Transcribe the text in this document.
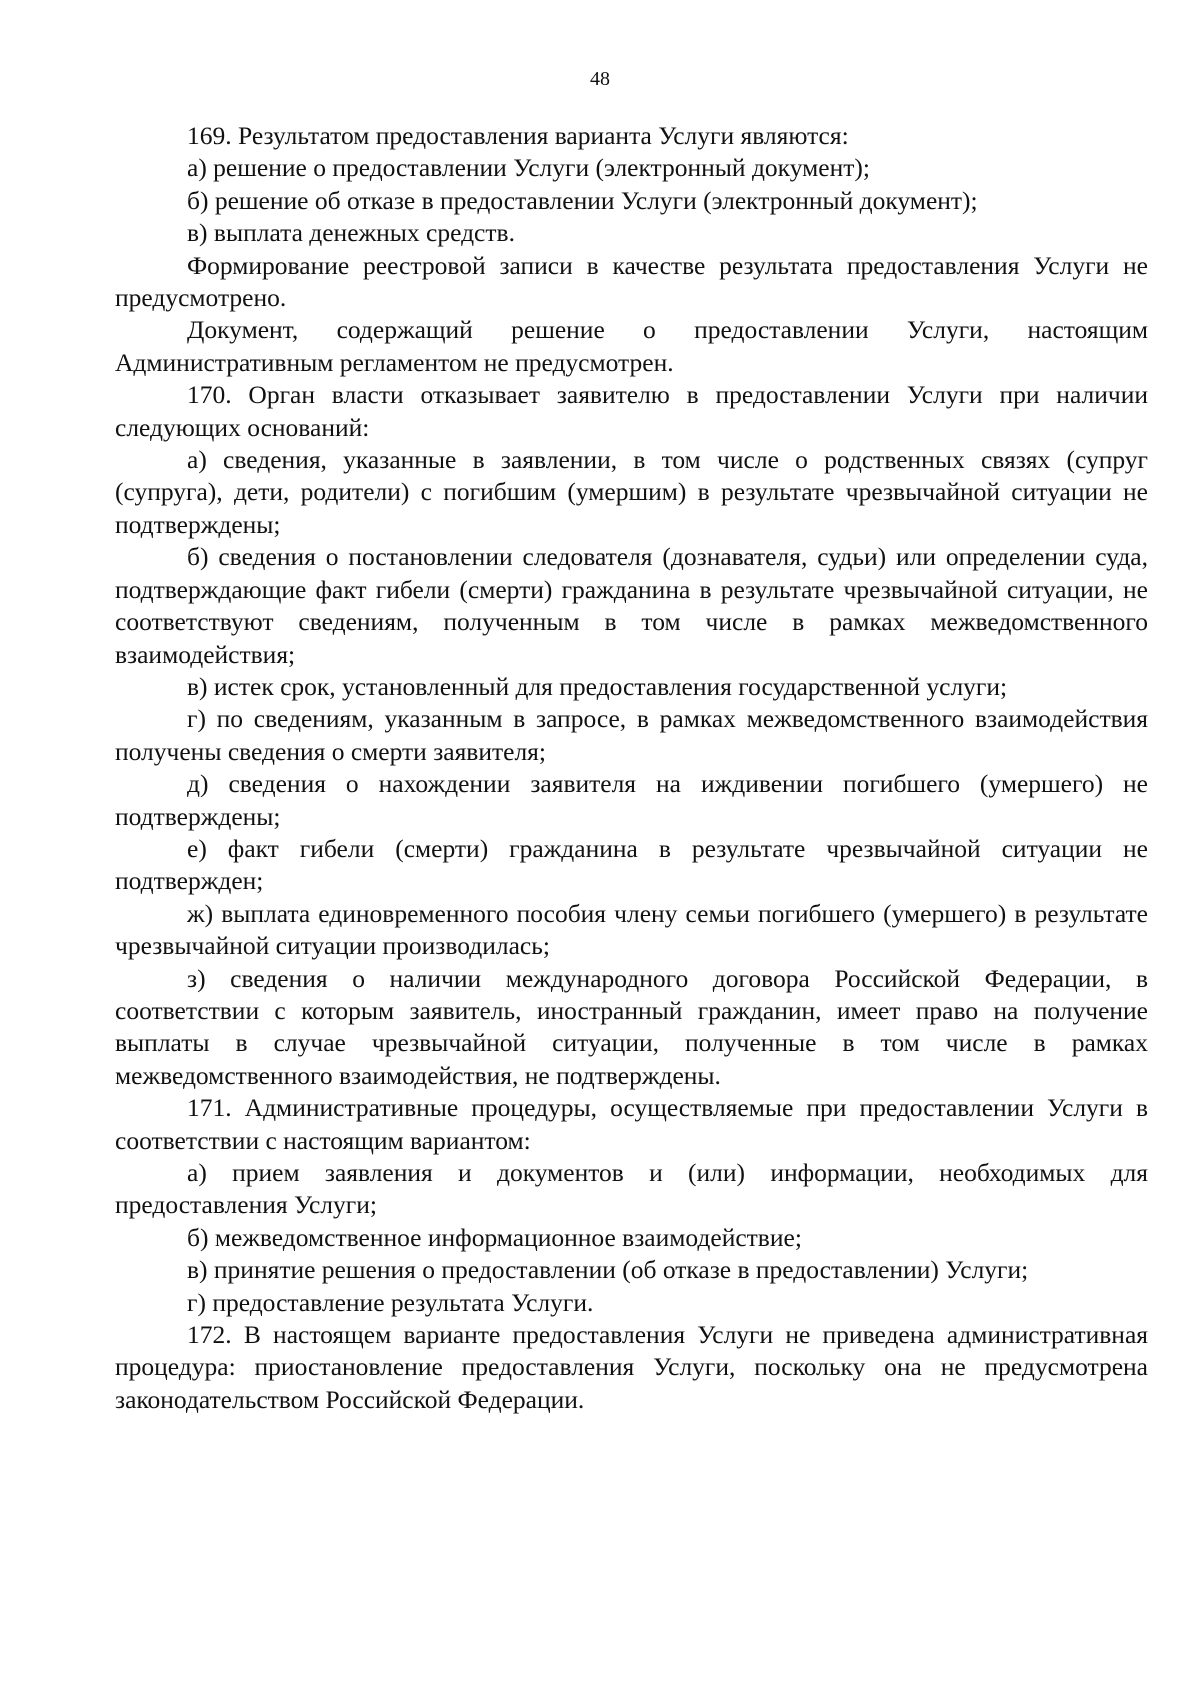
48

169. Результатом предоставления варианта Услуги являются:

а) решение о предоставлении Услуги (электронный документ);

б) решение об отказе в предоставлении Услуги (электронный документ);

в) выплата денежных средств.

Формирование реестровой записи в качестве результата предоставления Услуги не предусмотрено.

Документ, содержащий решение о предоставлении Услуги, настоящим Административным регламентом не предусмотрен.

170. Орган власти отказывает заявителю в предоставлении Услуги при наличии следующих оснований:

а) сведения, указанные в заявлении, в том числе о родственных связях (супруг (супруга), дети, родители) с погибшим (умершим) в результате чрезвычайной ситуации не подтверждены;

б) сведения о постановлении следователя (дознавателя, судьи) или определении суда, подтверждающие факт гибели (смерти) гражданина в результате чрезвычайной ситуации, не соответствуют сведениям, полученным в том числе в рамках межведомственного взаимодействия;

в) истек срок, установленный для предоставления государственной услуги;

г) по сведениям, указанным в запросе, в рамках межведомственного взаимодействия получены сведения о смерти заявителя;

д) сведения о нахождении заявителя на иждивении погибшего (умершего) не подтверждены;

е) факт гибели (смерти) гражданина в результате чрезвычайной ситуации не подтвержден;

ж) выплата единовременного пособия члену семьи погибшего (умершего) в результате чрезвычайной ситуации производилась;

з) сведения о наличии международного договора Российской Федерации, в соответствии с которым заявитель, иностранный гражданин, имеет право на получение выплаты в случае чрезвычайной ситуации, полученные в том числе в рамках межведомственного взаимодействия, не подтверждены.

171. Административные процедуры, осуществляемые при предоставлении Услуги в соответствии с настоящим вариантом:

а) прием заявления и документов и (или) информации, необходимых для предоставления Услуги;

б) межведомственное информационное взаимодействие;

в) принятие решения о предоставлении (об отказе в предоставлении) Услуги;

г) предоставление результата Услуги.

172. В настоящем варианте предоставления Услуги не приведена административная процедура: приостановление предоставления Услуги, поскольку она не предусмотрена законодательством Российской Федерации.
